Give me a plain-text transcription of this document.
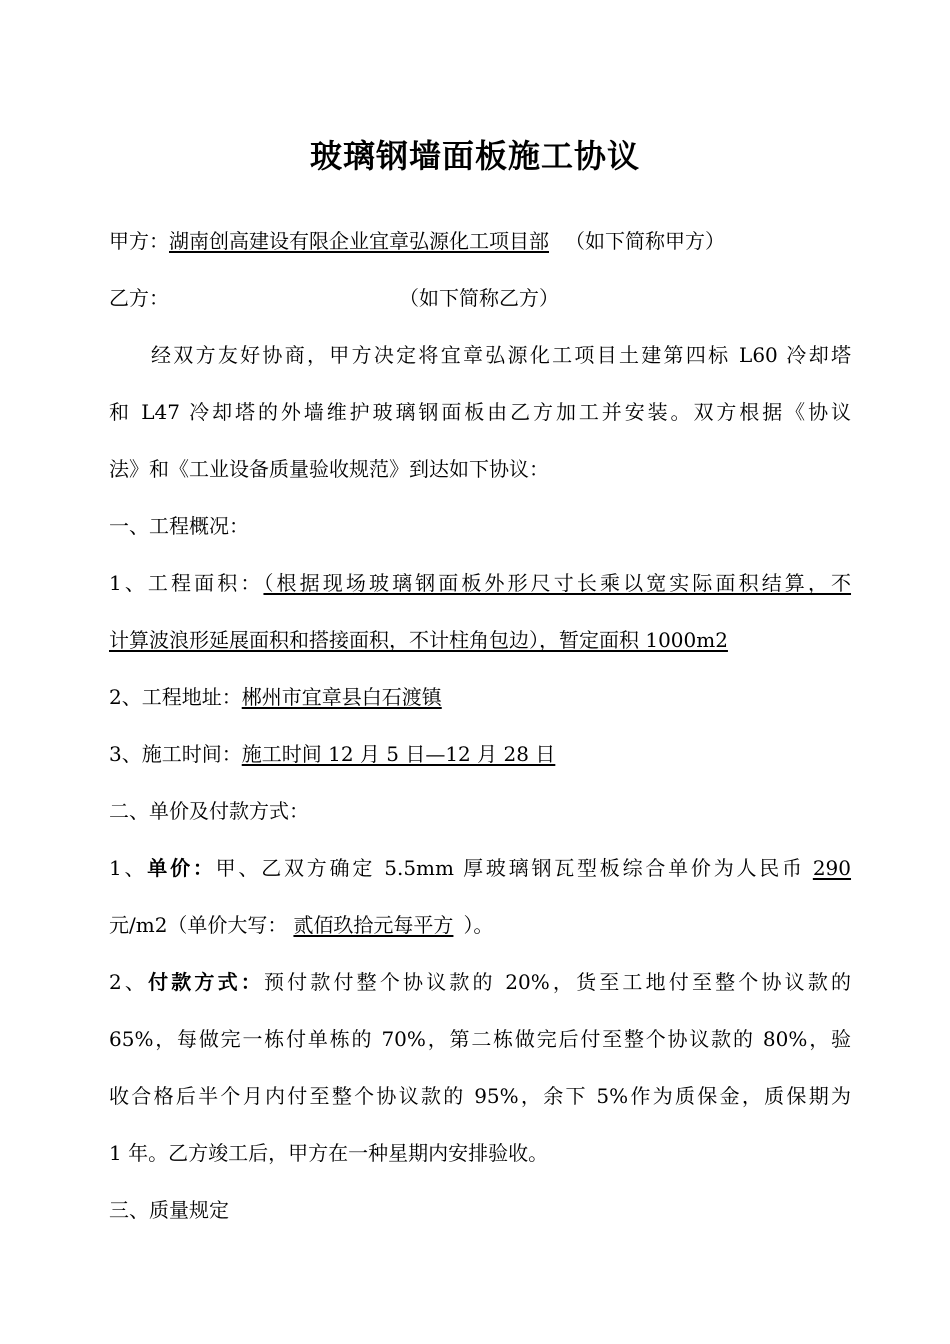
玻璃钢墙面板施工协议
甲方：湖南创高建设有限企业宜章弘源化工项目部 （如下简称甲方）
乙方：	（如下简称乙方）
经双方友好协商，甲方决定将宜章弘源化工项目土建第四标 L60 冷却塔
和 L47 冷却塔的外墙维护玻璃钢面板由乙方加工并安装。双方根据《协议
法》和《工业设备质量验收规范》到达如下协议：
一、工程概况：
1、工程面积：（根据现场玻璃钢面板外形尺寸长乘以宽实际面积结算，不
计算波浪形延展面积和搭接面积，不计柱角包边），暂定面积 1000m2
2、工程地址：郴州市宜章县白石渡镇
3、施工时间：施工时间 12 月 5 日—12 月 28 日
二、单价及付款方式：
1、单价：甲、乙双方确定 5.5mm 厚玻璃钢瓦型板综合单价为人民币 290
元/m2（单价大写： 贰佰玖拾元每平方 ）。
2、付款方式：预付款付整个协议款的 20%，货至工地付至整个协议款的
65%，每做完一栋付单栋的 70%，第二栋做完后付至整个协议款的 80%，验
收合格后半个月内付至整个协议款的 95%，余下 5%作为质保金，质保期为
1 年。乙方竣工后，甲方在一种星期内安排验收。
三、质量规定
